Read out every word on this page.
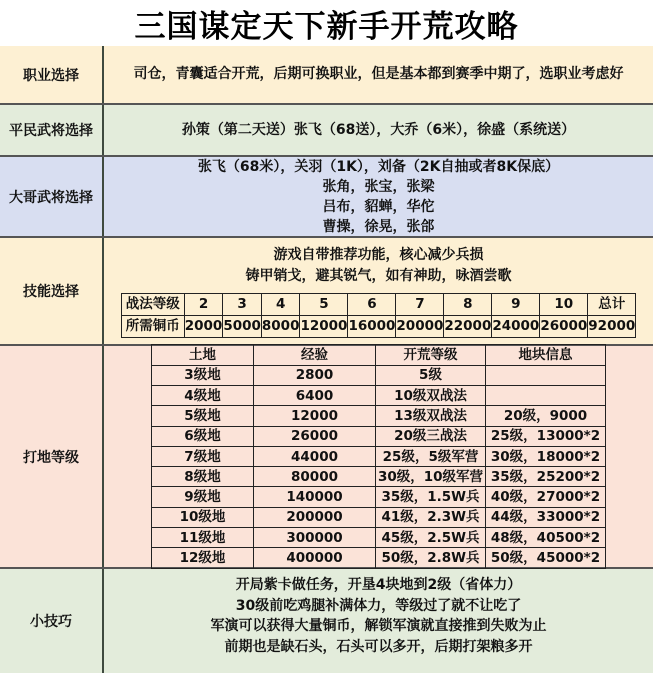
三国谋定天下新手开荒攻略
职业选择	司仓，青囊适合开荒，后期可换职业，但是基本都到赛季中期了，选职业考虑好
平民武将选择	孙策（第二天送）张飞（68送），大乔（6米），徐盛（系统送）
大哥武将选择
张飞（68米），关羽（1K），刘备（2K自抽或者8K保底）
张角，张宝，张梁
吕布，貂蝉，华佗
曹操，徐晃，张郃
技能选择
游戏自带推荐功能，核心减少兵损
铸甲销戈，避其锐气，如有神助，咏酒尝歌
战法等级	2	3	4	5	6	7	8	9	10	总计
所需铜币	2000	5000	8000	12000	16000	20000	22000	24000	26000	92000
打地等级
土地	经验	开荒等级	地块信息
3级地	2800	5级	
4级地	6400	10级双战法	
5级地	12000	13级双战法	20级，9000
6级地	26000	20级三战法	25级，13000*2
7级地	44000	25级，5级军营	30级，18000*2
8级地	80000	30级，10级军营	35级，25200*2
9级地	140000	35级，1.5W兵	40级，27000*2
10级地	200000	41级，2.3W兵	44级，33000*2
11级地	300000	45级，2.5W兵	48级，40500*2
12级地	400000	50级，2.8W兵	50级，45000*2
小技巧
开局紫卡做任务，开垦4块地到2级（省体力）
30级前吃鸡腿补满体力，等级过了就不让吃了
军演可以获得大量铜币，解锁军演就直接推到失败为止
前期也是缺石头，石头可以多开，后期打架粮多开
